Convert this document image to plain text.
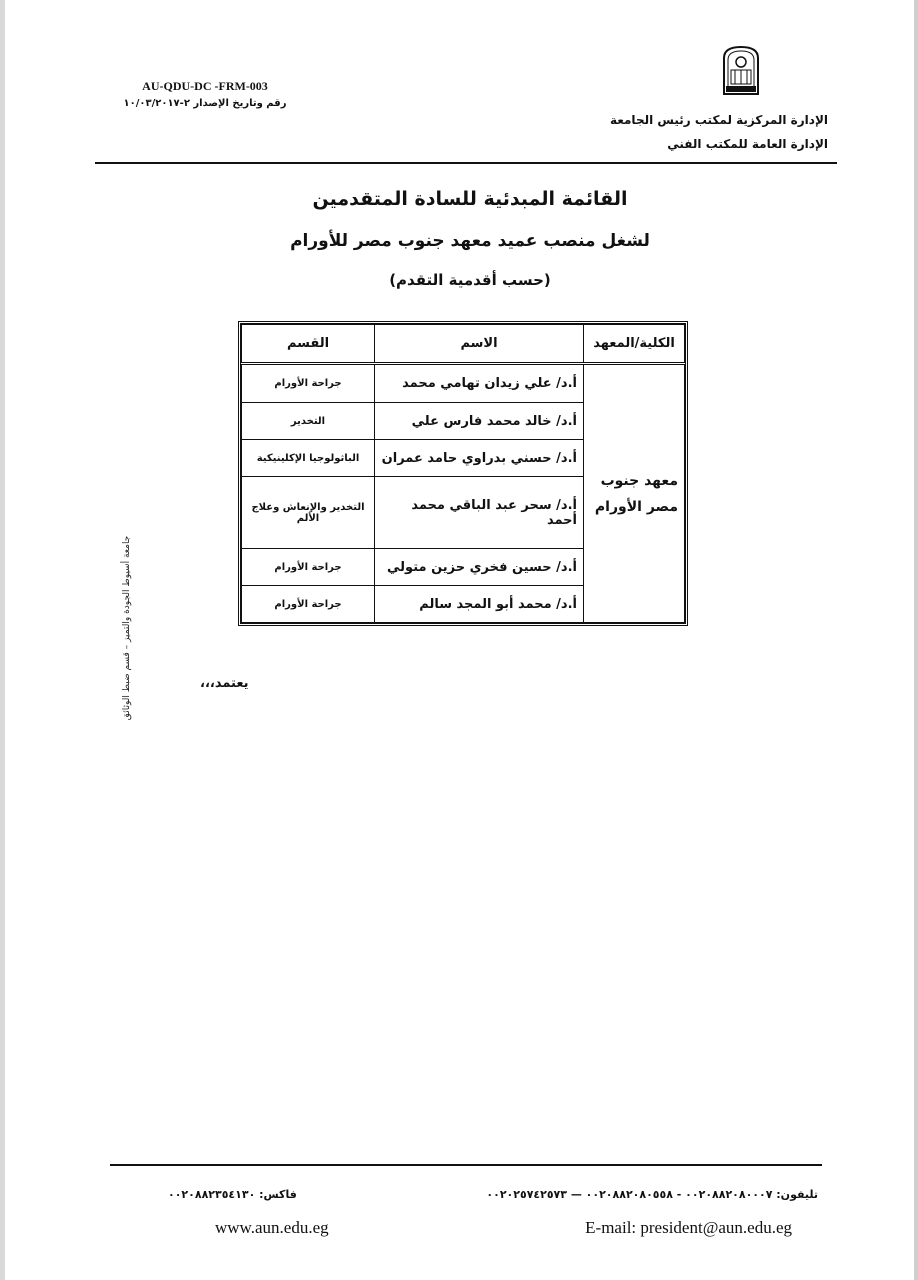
AU-QDU-DC -FRM-003
رقم وتاريخ الإصدار ٢-١٠/٠٣/٢٠١٧
الإدارة المركزية لمكتب رئيس الجامعة
الإدارة العامة للمكتب الفني
القائمة المبدئية للسادة المتقدمين
لشغل منصب عميد معهد جنوب مصر للأورام
(حسب أقدمية التقدم)
الكلية/المعهد	الاسم	القسم
معهد جنوب مصر الأورام	أ.د/ علي زيدان تهامي محمد	جراحة الأورام
	أ.د/ خالد محمد فارس علي	التخدير
	أ.د/ حسني بدراوي حامد عمران	الباثولوجيا الإكلينيكية
	أ.د/ سحر عبد الباقي محمد أحمد	التخدير والإنعاش وعلاج الألم
	أ.د/ حسين فخري حزين متولي	جراحة الأورام
	أ.د/ محمد أبو المجد سالم	جراحة الأورام
يعتمد،،،
جامعة أسيوط الجودة والتميز – قسم ضبط الوثائق
تليفون: ٠٠٢٠٨٨٢٠٨٠٠٠٧ - ٠٠٢٠٨٨٢٠٨٠٥٥٨ — ٠٠٢٠٢٥٧٤٢٥٧٣
فاكس: ٠٠٢٠٨٨٢٣٥٤١٣٠
E-mail: president@aun.edu.eg
www.aun.edu.eg
